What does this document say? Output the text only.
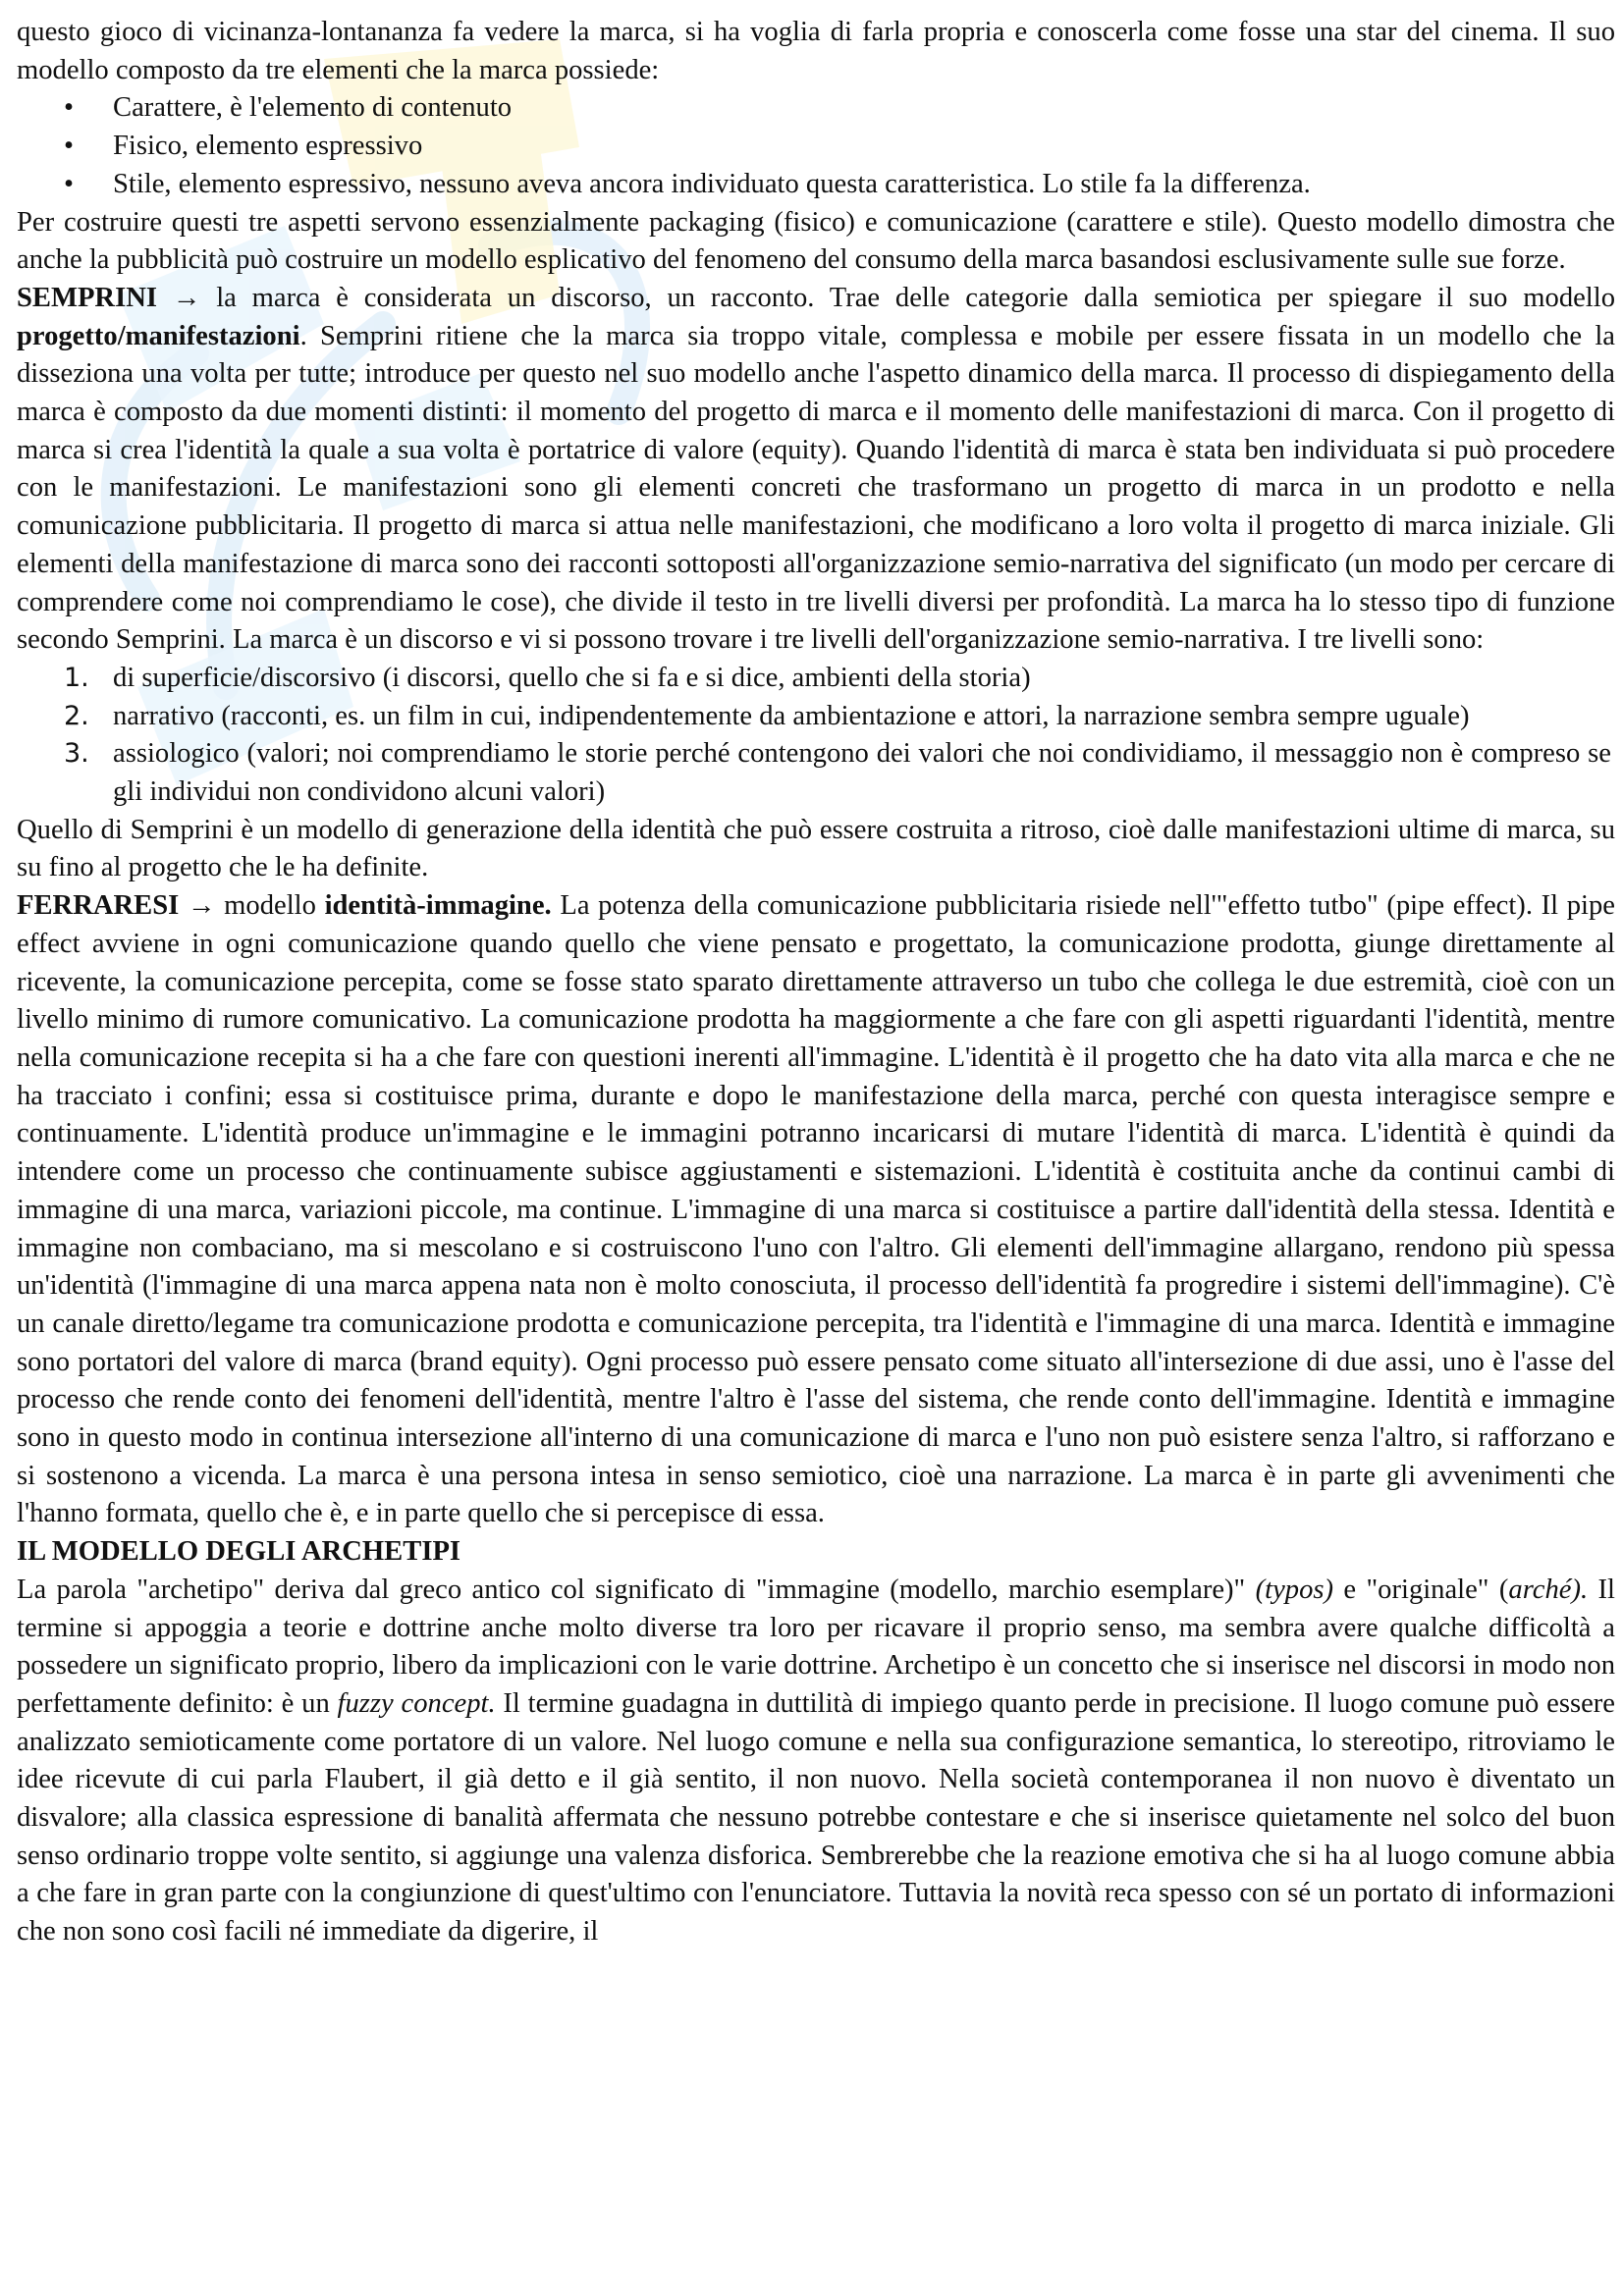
questo gioco di vicinanza-lontananza fa vedere la marca, si ha voglia di farla propria e conoscerla come fosse una star del cinema. Il suo modello composto da tre elementi che la marca possiede:

• Carattere, è l'elemento di contenuto
• Fisico, elemento espressivo
• Stile, elemento espressivo, nessuno aveva ancora individuato questa caratteristica. Lo stile fa la differenza.

Per costruire questi tre aspetti servono essenzialmente packaging (fisico) e comunicazione (carattere e stile). Questo modello dimostra che anche la pubblicità può costruire un modello esplicativo del fenomeno del consumo della marca basandosi esclusivamente sulle sue forze.

SEMPRINI → la marca è considerata un discorso, un racconto. Trae delle categorie dalla semiotica per spiegare il suo modello progetto/manifestazioni. Semprini ritiene che la marca sia troppo vitale, complessa e mobile per essere fissata in un modello che la disseziona una volta per tutte; introduce per questo nel suo modello anche l'aspetto dinamico della marca. Il processo di dispiegamento della marca è composto da due momenti distinti: il momento del progetto di marca e il momento delle manifestazioni di marca. Con il progetto di marca si crea l'identità la quale a sua volta è portatrice di valore (equity). Quando l'identità di marca è stata ben individuata si può procedere con le manifestazioni. Le manifestazioni sono gli elementi concreti che trasformano un progetto di marca in un prodotto e nella comunicazione pubblicitaria. Il progetto di marca si attua nelle manifestazioni, che modificano a loro volta il progetto di marca iniziale. Gli elementi della manifestazione di marca sono dei racconti sottoposti all'organizzazione semio-narrativa del significato (un modo per cercare di comprendere come noi comprendiamo le cose), che divide il testo in tre livelli diversi per profondità. La marca ha lo stesso tipo di funzione secondo Semprini. La marca è un discorso e vi si possono trovare i tre livelli dell'organizzazione semio-narrativa. I tre livelli sono:

1. di superficie/discorsivo (i discorsi, quello che si fa e si dice, ambienti della storia)
2. narrativo (racconti, es. un film in cui, indipendentemente da ambientazione e attori, la narrazione sembra sempre uguale)
3. assiologico (valori; noi comprendiamo le storie perché contengono dei valori che noi condividiamo, il messaggio non è compreso se gli individui non condividono alcuni valori)

Quello di Semprini è un modello di generazione della identità che può essere costruita a ritroso, cioè dalle manifestazioni ultime di marca, su su fino al progetto che le ha definite.

FERRARESI → modello identità-immagine. La potenza della comunicazione pubblicitaria risiede nell'"effetto tutbo" (pipe effect). Il pipe effect avviene in ogni comunicazione quando quello che viene pensato e progettato, la comunicazione prodotta, giunge direttamente al ricevente, la comunicazione percepita, come se fosse stato sparato direttamente attraverso un tubo che collega le due estremità, cioè con un livello minimo di rumore comunicativo. La comunicazione prodotta ha maggiormente a che fare con gli aspetti riguardanti l'identità, mentre nella comunicazione recepita si ha a che fare con questioni inerenti all'immagine. L'identità è il progetto che ha dato vita alla marca e che ne ha tracciato i confini; essa si costituisce prima, durante e dopo le manifestazione della marca, perché con questa interagisce sempre e continuamente. L'identità produce un'immagine e le immagini potranno incaricarsi di mutare l'identità di marca. L'identità è quindi da intendere come un processo che continuamente subisce aggiustamenti e sistemazioni. L'identità è costituita anche da continui cambi di immagine di una marca, variazioni piccole, ma continue. L'immagine di una marca si costituisce a partire dall'identità della stessa. Identità e immagine non combaciano, ma si mescolano e si costruiscono l'uno con l'altro. Gli elementi dell'immagine allargano, rendono più spessa un'identità (l'immagine di una marca appena nata non è molto conosciuta, il processo dell'identità fa progredire i sistemi dell'immagine). C'è un canale diretto/legame tra comunicazione prodotta e comunicazione percepita, tra l'identità e l'immagine di una marca. Identità e immagine sono portatori del valore di marca (brand equity). Ogni processo può essere pensato come situato all'intersezione di due assi, uno è l'asse del processo che rende conto dei fenomeni dell'identità, mentre l'altro è l'asse del sistema, che rende conto dell'immagine. Identità e immagine sono in questo modo in continua intersezione all'interno di una comunicazione di marca e l'uno non può esistere senza l'altro, si rafforzano e si sostenono a vicenda. La marca è una persona intesa in senso semiotico, cioè una narrazione. La marca è in parte gli avvenimenti che l'hanno formata, quello che è, e in parte quello che si percepisce di essa.

IL MODELLO DEGLI ARCHETIPI

La parola "archetipo" deriva dal greco antico col significato di "immagine (modello, marchio esemplare)" (typos) e "originale" (arché). Il termine si appoggia a teorie e dottrine anche molto diverse tra loro per ricavare il proprio senso, ma sembra avere qualche difficoltà a possedere un significato proprio, libero da implicazioni con le varie dottrine. Archetipo è un concetto che si inserisce nel discorsi in modo non perfettamente definito: è un fuzzy concept. Il termine guadagna in duttilità di impiego quanto perde in precisione. Il luogo comune può essere analizzato semioticamente come portatore di un valore. Nel luogo comune e nella sua configurazione semantica, lo stereotipo, ritroviamo le idee ricevute di cui parla Flaubert, il già detto e il già sentito, il non nuovo. Nella società contemporanea il non nuovo è diventato un disvalore; alla classica espressione di banalità affermata che nessuno potrebbe contestare e che si inserisce quietamente nel solco del buon senso ordinario troppe volte sentito, si aggiunge una valenza disforica. Sembrerebbe che la reazione emotiva che si ha al luogo comune abbia a che fare in gran parte con la congiunzione di quest'ultimo con l'enunciatore. Tuttavia la novità reca spesso con sé un portato di informazioni che non sono così facili né immediate da digerire, il
